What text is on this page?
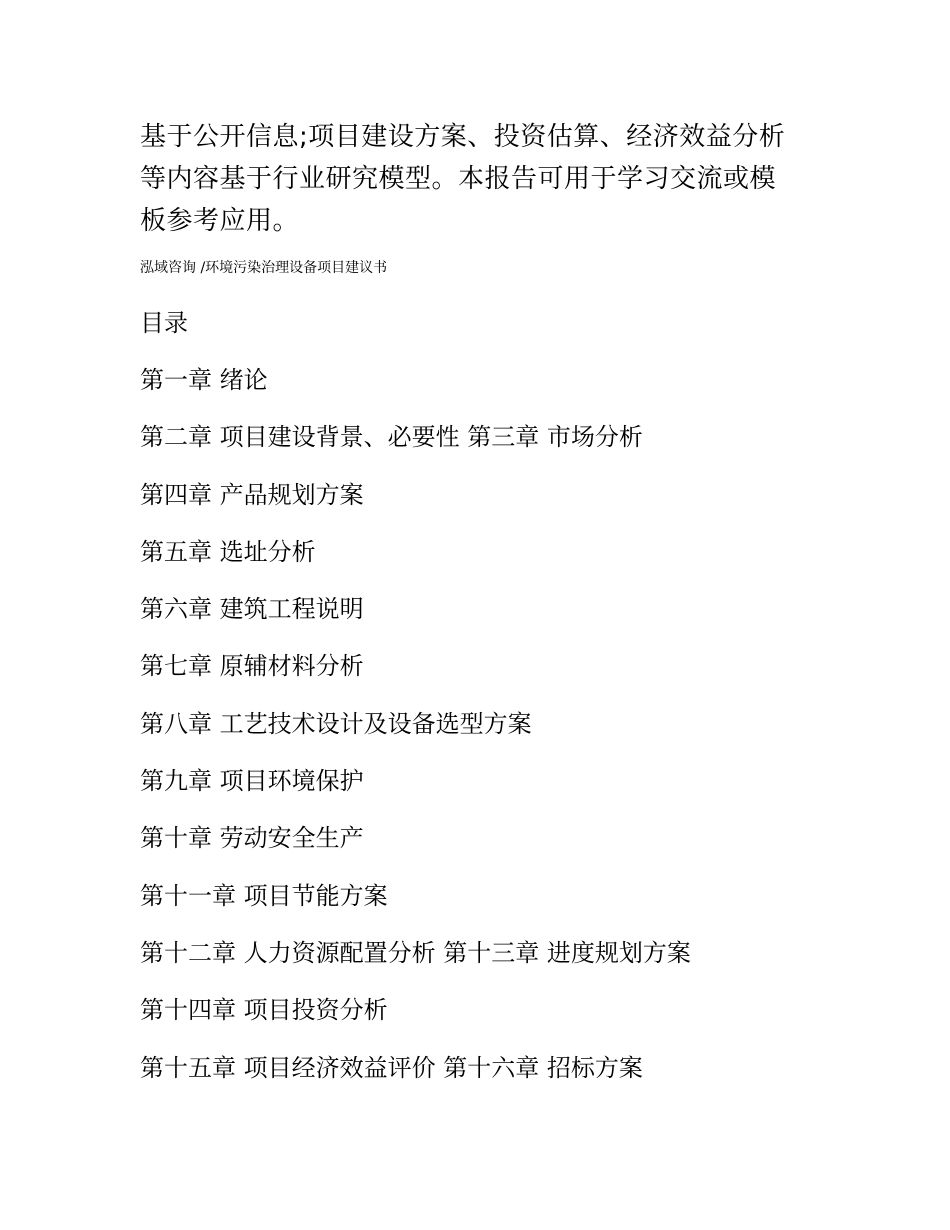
基于公开信息;项目建设方案、投资估算、经济效益分析
等内容基于行业研究模型。本报告可用于学习交流或模
板参考应用。
泓域咨询 /环境污染治理设备项目建议书
目录
第一章 绪论
第二章 项目建设背景、必要性 第三章 市场分析
第四章 产品规划方案
第五章 选址分析
第六章 建筑工程说明
第七章 原辅材料分析
第八章 工艺技术设计及设备选型方案
第九章 项目环境保护
第十章 劳动安全生产
第十一章 项目节能方案
第十二章 人力资源配置分析 第十三章 进度规划方案
第十四章 项目投资分析
第十五章 项目经济效益评价 第十六章 招标方案
